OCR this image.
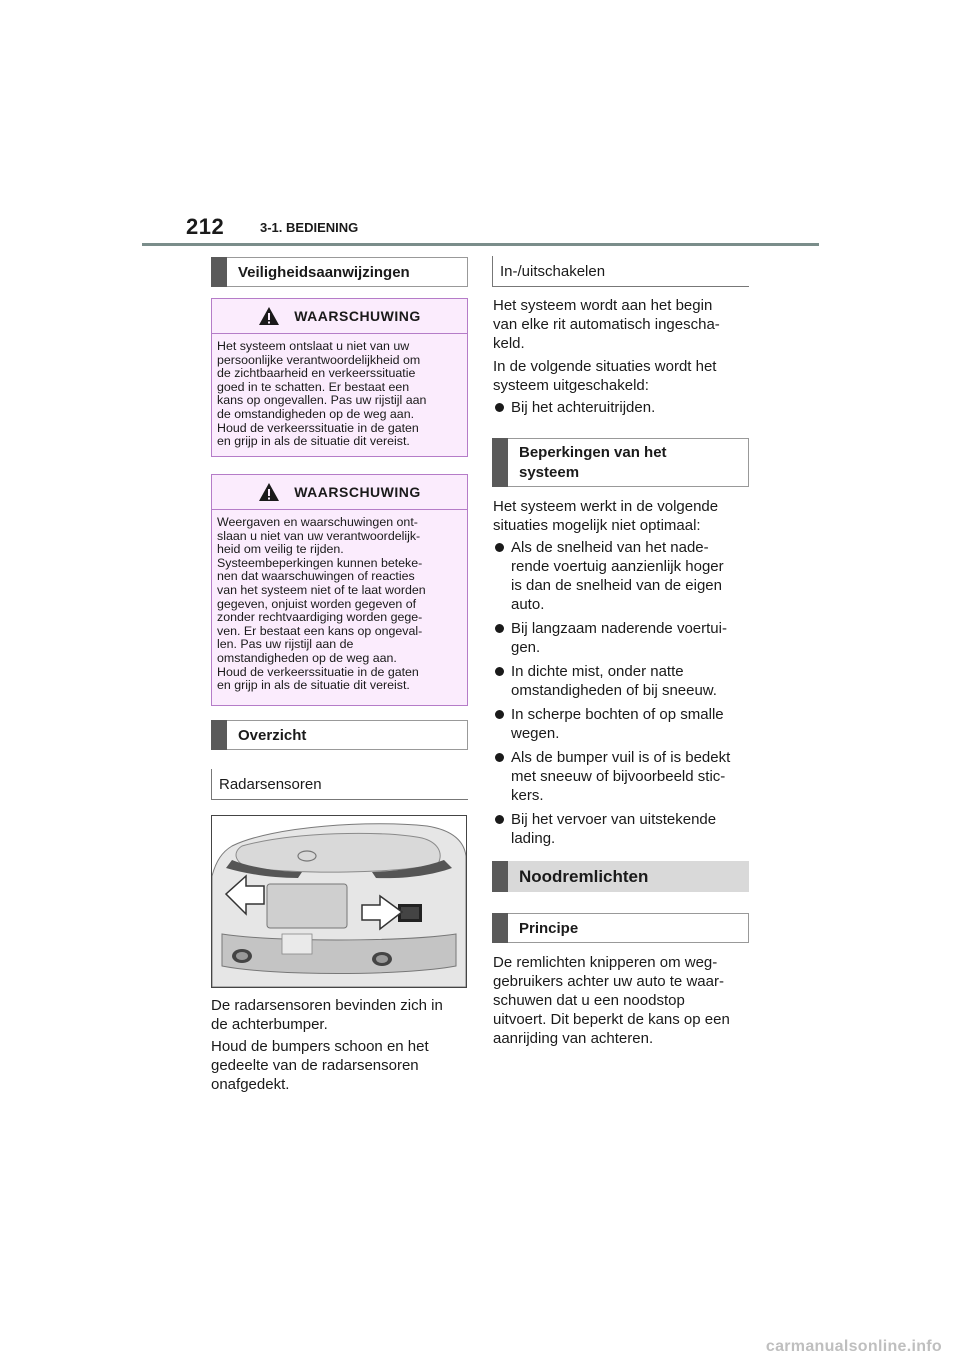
212	3-1. BEDIENING
Veiligheidsaanwijzingen
WAARSCHUWING

Het systeem ontslaat u niet van uw

persoonlijke verantwoordelijkheid om

de zichtbaarheid en verkeerssituatie

goed in te schatten. Er bestaat een

kans op ongevallen. Pas uw rijstijl aan

de omstandigheden op de weg aan.

Houd de verkeerssituatie in de gaten

en grijp in als de situatie dit vereist.

WAARSCHUWING

Weergaven en waarschuwingen ont-

slaan u niet van uw verantwoordelijk-

heid om veilig te rijden.

Systeembeperkingen kunnen beteke-

nen dat waarschuwingen of reacties

van het systeem niet of te laat worden

gegeven, onjuist worden gegeven of

zonder rechtvaardiging worden gege-

ven. Er bestaat een kans op ongeval-

len. Pas uw rijstijl aan de

omstandigheden op de weg aan.

Houd de verkeerssituatie in de gaten

en grijp in als de situatie dit vereist.

Overzicht
Radarsensoren

De radarsensoren bevinden zich in
de achterbumper.

Houd de bumpers schoon en het
gedeelte van de radarsensoren
onafgedekt.

In-/uitschakelen

Het systeem wordt aan het begin
van elke rit automatisch ingescha-
keld.

In de volgende situaties wordt het
systeem uitgeschakeld:

Bij het achteruitrijden.
Beperkingen van het
systeem

Het systeem werkt in de volgende
situaties mogelijk niet optimaal:

Als de snelheid van het nade-
rende voertuig aanzienlijk hoger
is dan de snelheid van de eigen
auto.
Bij langzaam naderende voertui-
gen.
In dichte mist, onder natte
omstandigheden of bij sneeuw.
In scherpe bochten of op smalle
wegen.
Als de bumper vuil is of is bedekt
met sneeuw of bijvoorbeeld stic-
kers.
Bij het vervoer van uitstekende
lading.
Noodremlichten
Principe

De remlichten knipperen om weg-
gebruikers achter uw auto te waar-
schuwen dat u een noodstop
uitvoert. Dit beperkt de kans op een
aanrijding van achteren.

carmanualsonline.info
